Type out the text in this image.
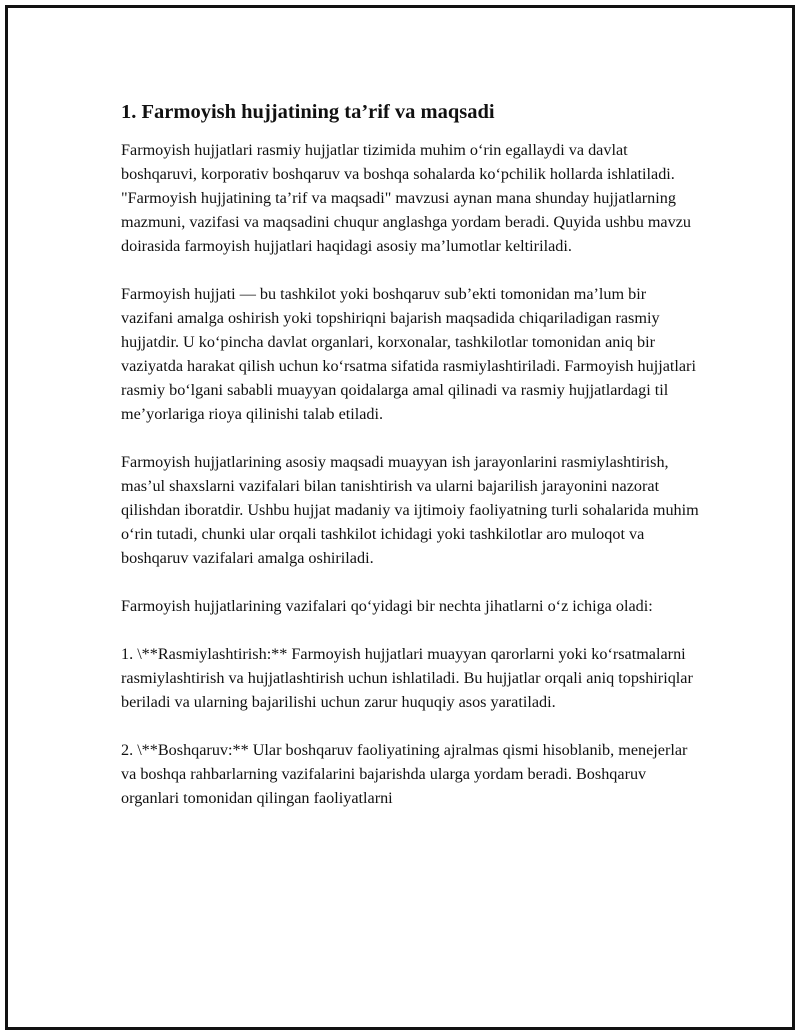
1. Farmoyish hujjatining ta’rif va maqsadi

Farmoyish hujjatlari rasmiy hujjatlar tizimida muhim o‘rin egallaydi va davlat boshqaruvi, korporativ boshqaruv va boshqa sohalarda ko‘pchilik hollarda ishlatiladi. "Farmoyish hujjatining ta’rif va maqsadi" mavzusi aynan mana shunday hujjatlarning mazmuni, vazifasi va maqsadini chuqur anglashga yordam beradi. Quyida ushbu mavzu doirasida farmoyish hujjatlari haqidagi asosiy ma’lumotlar keltiriladi.

Farmoyish hujjati — bu tashkilot yoki boshqaruv sub’ekti tomonidan ma’lum bir vazifani amalga oshirish yoki topshiriqni bajarish maqsadida chiqariladigan rasmiy hujjatdir. U ko‘pincha davlat organlari, korxonalar, tashkilotlar tomonidan aniq bir vaziyatda harakat qilish uchun ko‘rsatma sifatida rasmiylashtiriladi. Farmoyish hujjatlari rasmiy bo‘lgani sababli muayyan qoidalarga amal qilinadi va rasmiy hujjatlardagi til me’yorlariga rioya qilinishi talab etiladi.

Farmoyish hujjatlarining asosiy maqsadi muayyan ish jarayonlarini rasmiylashtirish, mas’ul shaxslarni vazifalari bilan tanishtirish va ularni bajarilish jarayonini nazorat qilishdan iboratdir. Ushbu hujjat madaniy va ijtimoiy faoliyatning turli sohalarida muhim o‘rin tutadi, chunki ular orqali tashkilot ichidagi yoki tashkilotlar aro muloqot va boshqaruv vazifalari amalga oshiriladi.

Farmoyish hujjatlarining vazifalari qo‘yidagi bir nechta jihatlarni o‘z ichiga oladi:

1. \**Rasmiylashtirish:** Farmoyish hujjatlari muayyan qarorlarni yoki ko‘rsatmalarni rasmiylashtirish va hujjatlashtirish uchun ishlatiladi. Bu hujjatlar orqali aniq topshiriqlar beriladi va ularning bajarilishi uchun zarur huquqiy asos yaratiladi.

2. \**Boshqaruv:** Ular boshqaruv faoliyatining ajralmas qismi hisoblanib, menejerlar va boshqa rahbarlarning vazifalarini bajarishda ularga yordam beradi. Boshqaruv organlari tomonidan qilingan faoliyatlarni
